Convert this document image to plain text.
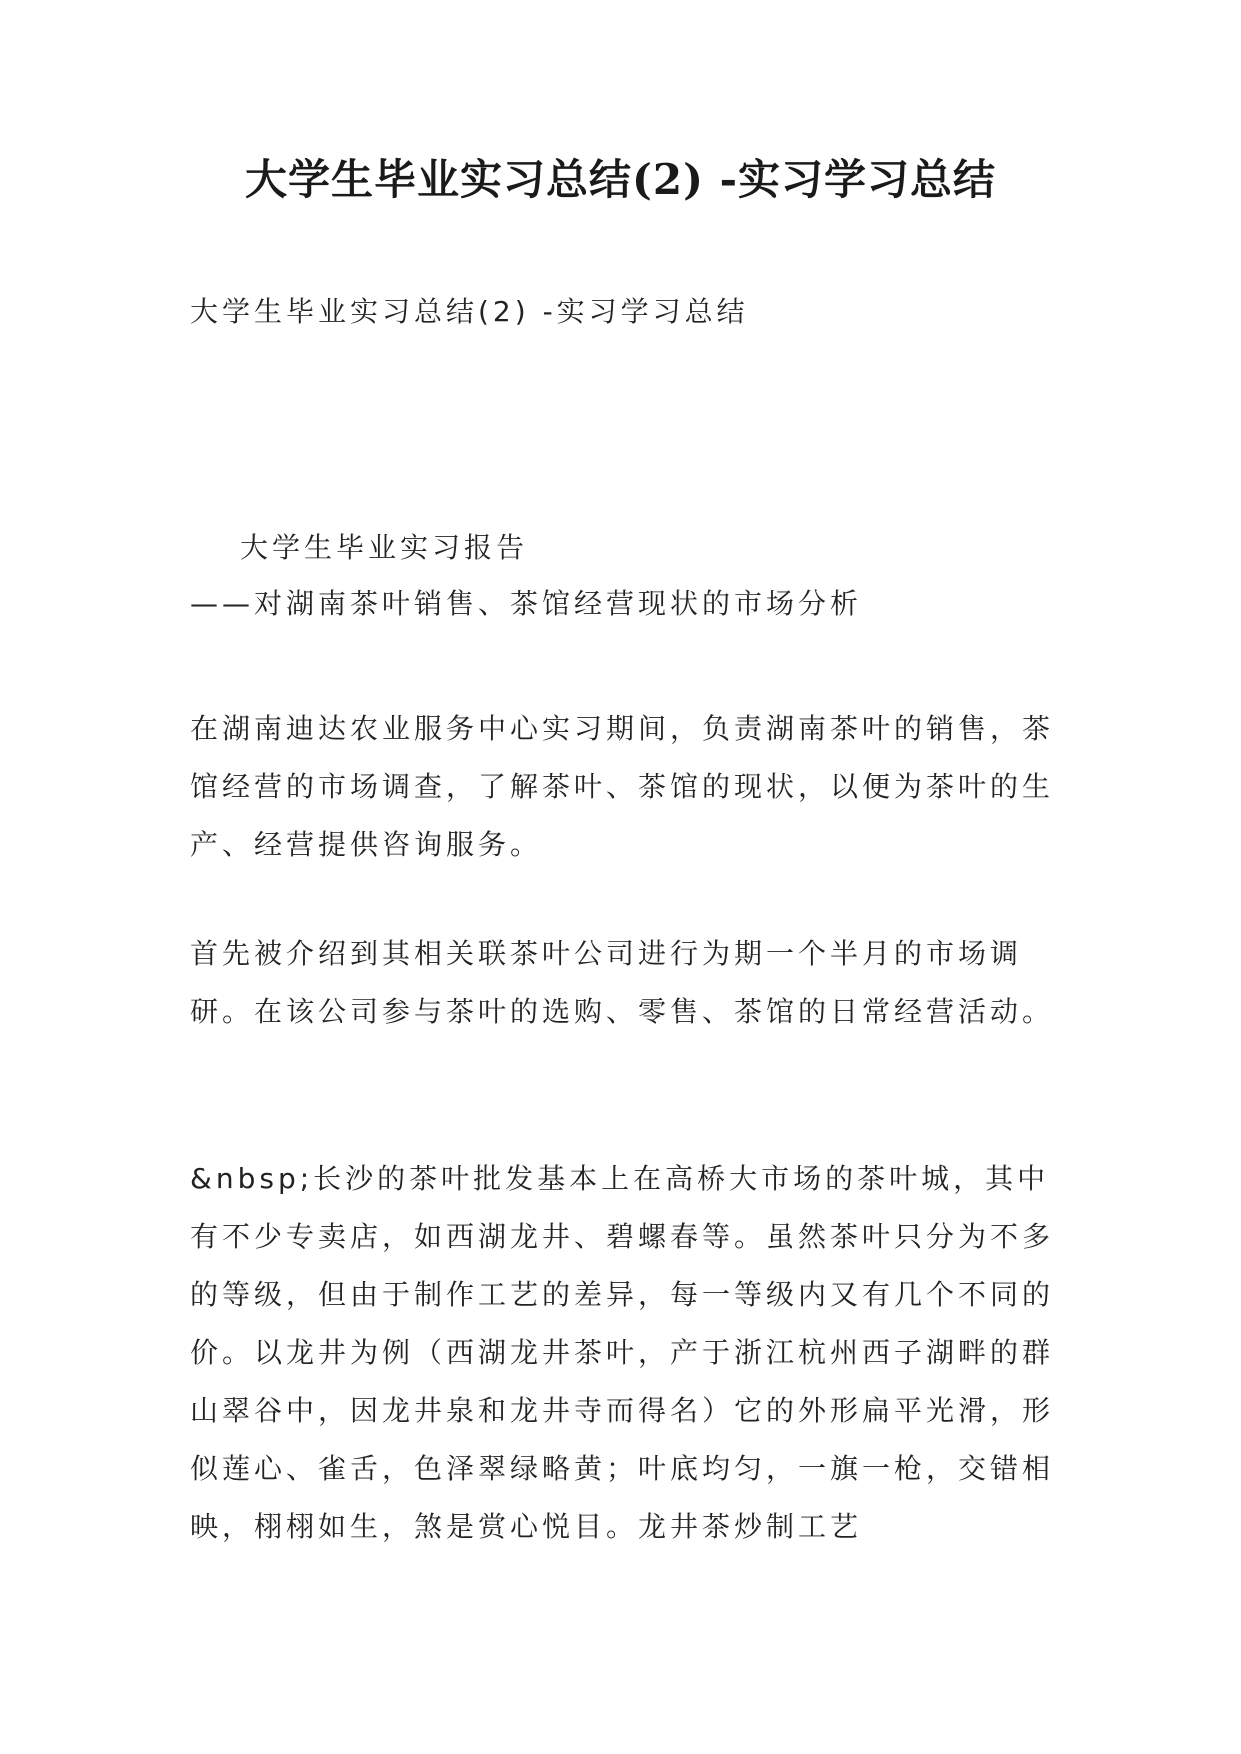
大学生毕业实习总结(2) -实习学习总结
大学生毕业实习总结(2) -实习学习总结
大学生毕业实习报告
——对湖南茶叶销售、茶馆经营现状的市场分析

在湖南迪达农业服务中心实习期间，负责湖南茶叶的销售，茶馆经营的市场调查，了解茶叶、茶馆的现状，以便为茶叶的生产、经营提供咨询服务。

首先被介绍到其相关联茶叶公司进行为期一个半月的市场调研。在该公司参与茶叶的选购、零售、茶馆的日常经营活动。

&nbsp;长沙的茶叶批发基本上在高桥大市场的茶叶城，其中有不少专卖店，如西湖龙井、碧螺春等。虽然茶叶只分为不多的等级，但由于制作工艺的差异，每一等级内又有几个不同的价。以龙井为例（西湖龙井茶叶，产于浙江杭州西子湖畔的群山翠谷中，因龙井泉和龙井寺而得名）它的外形扁平光滑，形似莲心、雀舌，色泽翠绿略黄；叶底均匀，一旗一枪，交错相映，栩栩如生，煞是赏心悦目。龙井茶炒制工艺
